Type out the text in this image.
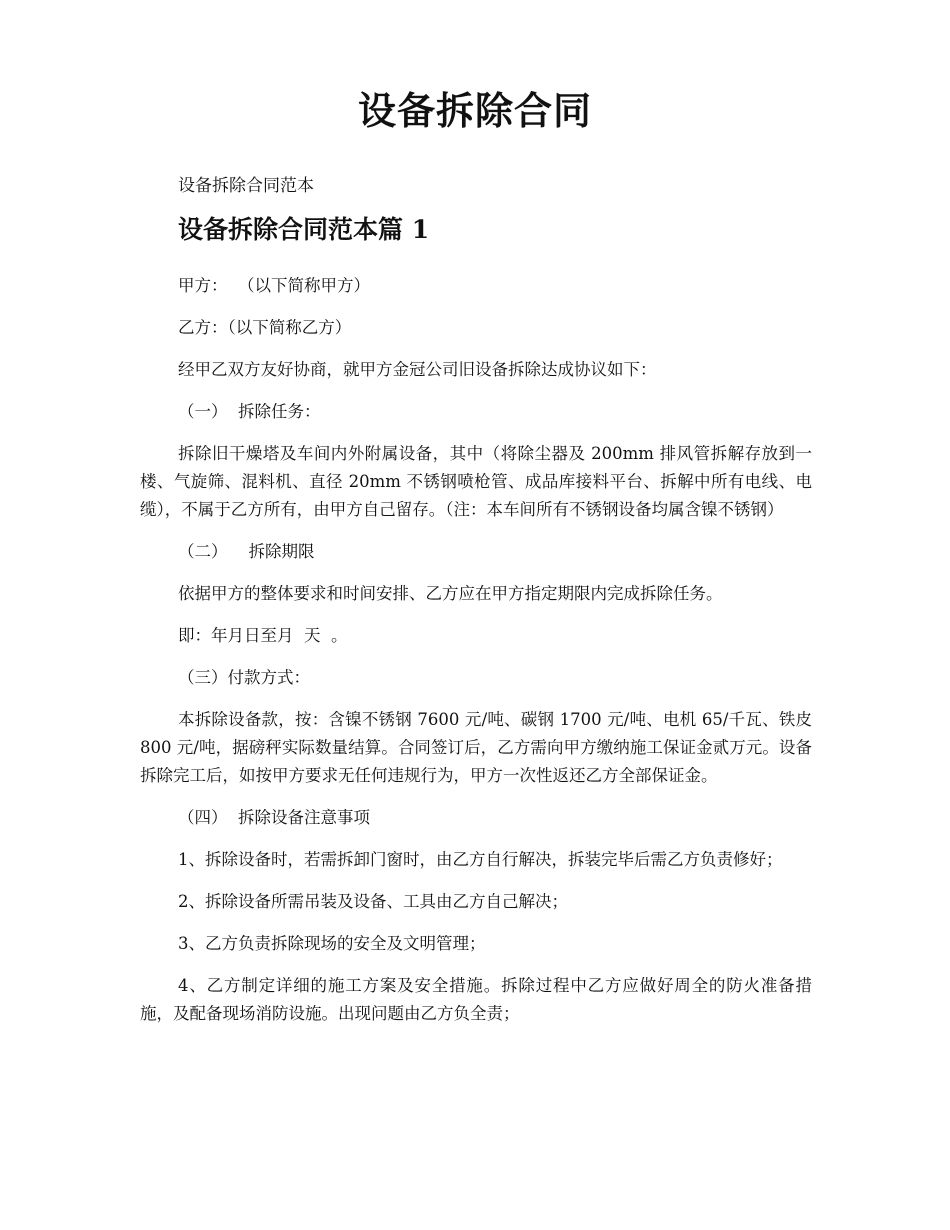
设备拆除合同

设备拆除合同范本

设备拆除合同范本篇 1

甲方：  （以下简称甲方）

乙方：（以下简称乙方）

经甲乙双方友好协商，就甲方金冠公司旧设备拆除达成协议如下：

（一）  拆除任务：

拆除旧干燥塔及车间内外附属设备，其中（将除尘器及 200mm 排风管拆解存放到一楼、气旋筛、混料机、直径 20mm 不锈钢喷枪管、成品库接料平台、拆解中所有电线、电缆），不属于乙方所有，由甲方自己留存。（注：本车间所有不锈钢设备均属含镍不锈钢）

（二）    拆除期限

依据甲方的整体要求和时间安排、乙方应在甲方指定期限内完成拆除任务。

即：年月日至月  天  。

（三）付款方式：

本拆除设备款，按：含镍不锈钢 7600 元/吨、碳钢 1700 元/吨、电机 65/千瓦、铁皮 800 元/吨，据磅秤实际数量结算。合同签订后，乙方需向甲方缴纳施工保证金贰万元。设备拆除完工后，如按甲方要求无任何违规行为，甲方一次性返还乙方全部保证金。

（四）  拆除设备注意事项

1、拆除设备时，若需拆卸门窗时，由乙方自行解决，拆装完毕后需乙方负责修好；

2、拆除设备所需吊装及设备、工具由乙方自己解决；

3、乙方负责拆除现场的安全及文明管理；

4、乙方制定详细的施工方案及安全措施。拆除过程中乙方应做好周全的防火准备措施，及配备现场消防设施。出现问题由乙方负全责；
